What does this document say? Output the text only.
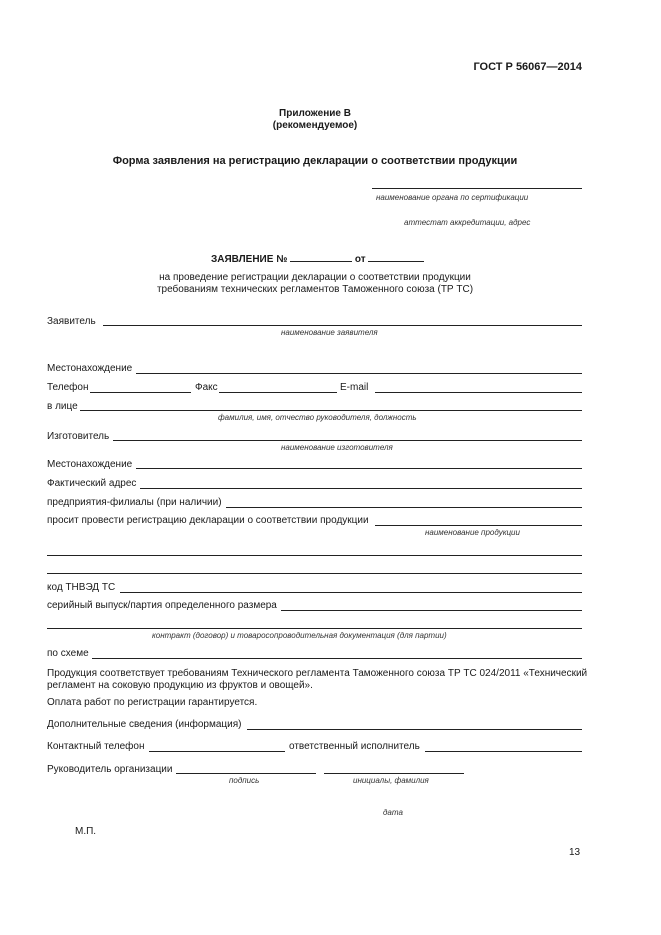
ГОСТ Р 56067—2014
Приложение В
(рекомендуемое)
Форма заявления на регистрацию декларации о соответствии продукции
наименование органа по сертификации
аттестат аккредитации, адрес
ЗАЯВЛЕНИЕ №	от
на проведение регистрации декларации о соответствии продукции
требованиям технических регламентов Таможенного союза (ТР ТС)
Заявитель
наименование заявителя
Местонахождение
Телефон	Факс	E-mail
в лице
фамилия, имя, отчество руководителя, должность
Изготовитель
наименование изготовителя
Местонахождение
Фактический адрес
предприятия-филиалы (при наличии)
просит провести регистрацию декларации о соответствии продукции
наименование продукции
код ТНВЭД ТС
серийный выпуск/партия определенного размера
контракт (договор) и товаросопроводительная документация (для партии)
по схеме
Продукция соответствует требованиям Технического регламента Таможенного союза ТР ТС 024/2011 «Технический
регламент на соковую продукцию из фруктов и овощей».
Оплата работ по регистрации гарантируется.
Дополнительные сведения (информация)
Контактный телефон	ответственный исполнитель
Руководитель организации
подпись	инициалы, фамилия
дата
М.П.
13
